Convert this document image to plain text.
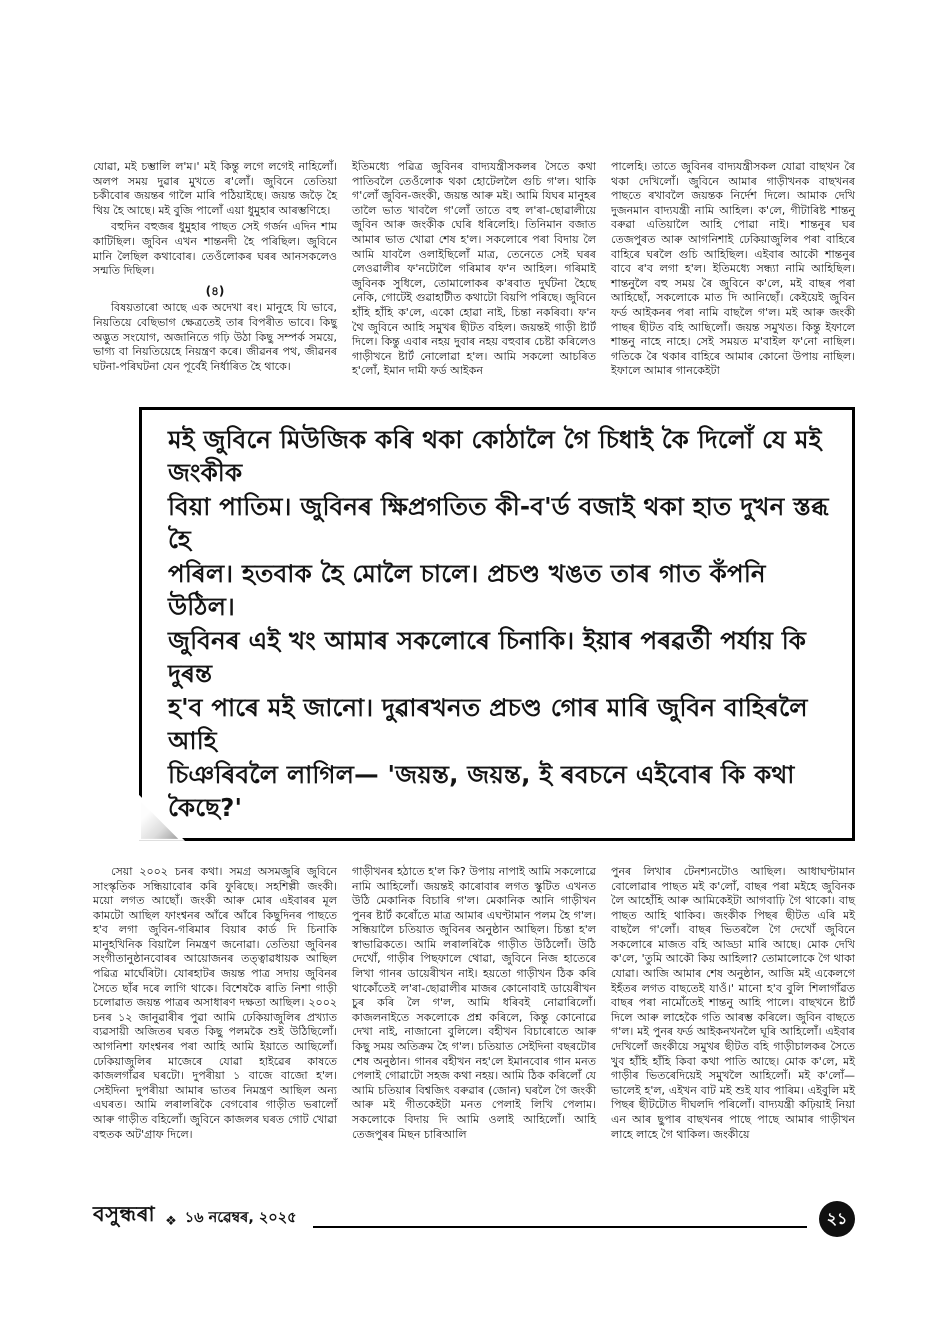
যোৱা, মই চম্ভালি ল'ম।' মই কিন্তু লগে লগেই নাহিলোঁ। অলপ সময় দুৱাৰ মুখতে ৰ'লোঁ। জুবিনে তেতিয়া চকীবোৰ জয়ন্তৰ গালৈ মাৰি পঠিয়াইছে। জয়ন্ত জড়ৈ হৈ থিয় হৈ আছে। মই বুজি পালোঁ এয়া ধুমুহাৰ আৰম্ভণিহে।

বহুদিন বহুজৰ ধুমুহাৰ পাছত সেই গৰ্জন এদিন শাম কাটিছিল। জুবিন এখন শান্তনদী হৈ পৰিছিল। জুবিনে মানি লৈছিল কথাবোৰ। তেওঁলোকৰ ঘৰৰ আনসকলেও সন্মতি দিছিল।

(৪)

বিষয়তাৰো আছে এক অদেখা ৰং। মানুহে যি ভাবে, নিয়তিয়ে বেছিভাগ ক্ষেত্ৰতেই তাৰ বিপৰীত ভাবে। কিছু অদ্ভুত সংযোগ, অজানিতে গঢ়ি উঠা কিছু সম্পৰ্ক সময়ে, ভাগ্য বা নিয়তিয়েহে নিয়ন্ত্ৰণ কৰে। জীৱনৰ পথ, জীৱনৰ ঘটনা-পৰিঘটনা যেন পূৰ্বেই নিৰ্ধাৰিত হৈ থাকে।

ইতিমধ্যে পৱিত্ৰ জুবিনৰ বাদ্যযন্ত্ৰীসকলৰ সৈতে কথা পাতিবলৈ তেওঁলোক থকা হোটেললৈ গুচি গ'ল। থাকি গ'লোঁ জুবিন-জংকী, জয়ন্ত আৰু মই। আমি যিঘৰ মানুহৰ তালৈ ভাত খাবলৈ গ'লোঁ তাতে বহু ল'ৰা-ছোৱালীয়ে জুবিন আৰু জংকীক ঘেৰি ধৰিলেহি। তিনিমান বজাত আমাৰ ভাত খোৱা শেষ হ'ল। সকলোৰে পৰা বিদায় লৈ আমি যাবলৈ ওলাইছিলোঁ মাত্ৰ, তেনেতে সেই ঘৰৰ লেওৱালীৰ ফ'নটোলৈ গৰিমাৰ ফ'ন আহিল। গৰিমাই জুবিনক সুধিলে, তোমালোকৰ ক'ৰবাত দুৰ্ঘটনা হৈছে নেকি, গোটেই গুৱাহাটীত কথাটো বিয়পি পৰিছে। জুবিনে হাঁহি হাঁহি ক'লে, একো হোৱা নাই, চিন্তা নকৰিবা। ফ'ন থৈ জুবিনে আহি সমুখৰ ছীটত বহিল। জয়ন্তই গাড়ী ষ্টাৰ্ট দিলে। কিন্তু এবাৰ নহয় দুবাৰ নহয় বহুবাৰ চেষ্টা কৰিলেও গাড়ীখনে ষ্টাৰ্ট নোলোৱা হ'ল। আমি সকলো আচৰিত হ'লোঁ, ইমান দামী ফৰ্ড আইকন

পালেহি। তাতে জুবিনৰ বাদ্যযন্ত্ৰীসকল যোৱা বাছখন ৰৈ থকা দেখিলোঁ। জুবিনে আমাৰ গাড়ীখনক বাছখনৰ পাছতে ৰখাবলৈ জয়ন্তক নিৰ্দেশ দিলে। আমাক দেখি দুজনমান বাদ্যযন্ত্ৰী নামি আহিল। ক'লে, গীটাৰিষ্ট শান্তনু বৰুৱা এতিয়ালৈ আহি পোৱা নাই। শান্তনুৰ ঘৰ তেজপুৰত আৰু আগনিশাই ঢেকিয়াজুলিৰ পৰা বাহিৰে বাহিৰে ঘৰলৈ গুচি আহিছিল। এইবাৰ আকৌ শান্তনুৰ বাবে ৰ'ব লগা হ'ল। ইতিমধ্যে সন্ধ্যা নামি আহিছিল। শান্তনুলৈ বহু সময় ৰৈ জুবিনে ক'লে, মই বাছৰ পৰা আহিছোঁ, সকলোকে মাত দি আনিছোঁ। কেইয়েই জুবিন ফৰ্ড আইকনৰ পৰা নামি বাছলৈ গ'ল। মই আৰু জংকী পাছৰ ছীটত বহি আছিলোঁ। জয়ন্ত সমুখত। কিন্তু ইফালে শান্তনু নাহে নাহে। সেই সময়ত ম'বাইল ফ'নো নাছিল। গতিকে ৰৈ থকাৰ বাহিৰে আমাৰ কোনো উপায় নাছিল। ইফালে আমাৰ গানকেইটা

মই জুবিনে মিউজিক কৰি থকা কোঠালৈ গৈ চিধাই কৈ দিলোঁ যে মই জংকীক
বিয়া পাতিম। জুবিনৰ ক্ষিপ্ৰগতিত কী-ব'ৰ্ড বজাই থকা হাত দুখন স্তব্ধ হৈ
পৰিল। হতবাক হৈ মোলৈ চালে। প্ৰচণ্ড খঙত তাৰ গাত কঁপনি উঠিল।
জুবিনৰ এই খং আমাৰ সকলোৰে চিনাকি। ইয়াৰ পৰৱৰ্তী পৰ্যায় কি দুৰন্ত
হ'ব পাৰে মই জানো। দুৱাৰখনত প্ৰচণ্ড গোৰ মাৰি জুবিন বাহিৰলৈ আহি
চিঞৰিবলৈ লাগিল— 'জয়ন্ত, জয়ন্ত, ই ৰবচনে এইবোৰ কি কথা কৈছে?'

সেয়া ২০০২ চনৰ কথা। সমগ্ৰ অসমজুৰি জুবিনে সাংস্কৃতিক সন্ধিয়াবোৰ কৰি ফুৰিছে। সহশিল্পী জংকী। ময়ো লগত আছোঁ। জংকী আৰু মোৰ এইবাৰৰ মূল কামটো আছিল ফাংশ্বনৰ আঁৰে আঁৰে কিছুদিনৰ পাছতে হ'ব লগা জুবিন-গৰিমাৰ বিয়াৰ কাৰ্ড দি চিনাকি মানুহখিনিক বিয়ালৈ নিমন্ত্ৰণ জনোৱা। তেতিয়া জুবিনৰ সংগীতানুষ্ঠানবোৰৰ আয়োজনৰ তত্ত্বাৱধায়ক আছিল পৱিত্ৰ মাৰ্ঘেৰিটা। যোৰহাটৰ জয়ন্ত পাত্ৰ সদায় জুবিনৰ সৈতে ছাঁৰ দৰে লাগি থাকে। বিশেষকৈ ৰাতি নিশা গাড়ী চলোৱাত জয়ন্ত পাত্ৰৰ অসাধাৰণ দক্ষতা আছিল। ২০০২ চনৰ ১২ জানুৱাৰীৰ পুৱা আমি ঢেকিয়াজুলিৰ প্ৰখ্যাত ব্যৱসায়ী অজিতৰ ঘৰত কিছু পলমকৈ শুই উঠিছিলোঁ। আগনিশা ফাংশ্বনৰ পৰা আহি আমি ইয়াতে আছিলোঁ। ঢেকিয়াজুলিৰ মাজেৰে যোৱা হাইৱেৰ কাষতে কাজলগাঁৱৰ ঘৰটো। দুপৰীয়া ১ বাজে বাজো হ'ল। সেইদিনা দুপৰীয়া আমাৰ ভাতৰ নিমন্ত্ৰণ আছিল অন্য এঘৰত। আমি লৰালৰিকৈ বেগবোৰ গাড়ীত ভৰালোঁ আৰু গাড়ীত বহিলোঁ। জুবিনে কাজলৰ ঘৰত গোট খোৱা বহুতক অট'গ্ৰাফ দিলে।

গাড়ীখনৰ হঠাতে হ'ল কি? উপায় নাপাই আমি সকলোৱে নামি আহিলোঁ। জয়ন্তই কাৰোবাৰ লগত স্কুটিত এখনত উঠি মেকানিক বিচাৰি গ'ল। মেকানিক আনি গাড়ীখন পুনৰ ষ্টাৰ্ট কৰোঁতে মাত্ৰ আমাৰ এঘণ্টামান পলম হৈ গ'ল। সন্ধিয়ালৈ চতিয়াত জুবিনৰ অনুষ্ঠান আছিল। চিন্তা হ'ল স্বাভাৱিকতে। আমি লৰালৰিকৈ গাড়ীত উঠিলোঁ। উঠি দেখোঁ, গাড়ীৰ পিছফালে থোৱা, জুবিনে নিজ হাতেৰে লিখা গানৰ ডায়েৰীখন নাই। হয়তো গাড়ীখন ঠিক কৰি থাকোঁতেই ল'ৰা-ছোৱালীৰ মাজৰ কোনোবাই ডায়েৰীখন চুৰ কৰি লৈ গ'ল, আমি ধৰিবই নোৱাৰিলোঁ। কাজলনাইতে সকলোকে প্ৰশ্ন কৰিলে, কিন্তু কোনোৱে দেখা নাই, নাজানো বুলিলে। বহীখন বিচাৰোতে আৰু কিছু সময় অতিক্ৰম হৈ গ'ল। চতিয়াত সেইদিনা বছৰটোৰ শেষ অনুষ্ঠান। গানৰ বহীখন নহ'লে ইমানবোৰ গান মনত পেলাই গোৱাটো সহজ কথা নহয়। আমি ঠিক কৰিলোঁ যে আমি চতিয়াৰ বিশ্বজিৎ বৰুৱাৰ (জোন) ঘৰলৈ গৈ জংকী আৰু মই গীতকেইটা মনত পেলাই লিখি পেলাম। সকলোকে বিদায় দি আমি ওলাই আহিলোঁ। আহি তেজপুৰৰ মিছন চাৰিআলি

পুনৰ লিখাৰ টেনশ্যনটোও আছিল। আধাঘণ্টামান বোলোৱাৰ পাছত মই ক'লোঁ, বাছৰ পৰা মইহে জুবিনক লৈ আহোঁহি আৰু আমিকেইটা আগবাঢ়ি গৈ থাকো। বাছ পাছত আহি থাকিব। জংকীক পিছৰ ছীটত এৰি মই বাছলৈ গ'লোঁ। বাছৰ ভিতৰলৈ গৈ দেখোঁ জুবিনে সকলোৰে মাজত বহি আড্ডা মাৰি আছে। মোক দেখি ক'লে, 'তুমি আকৌ কিয় আহিলা? তোমালোকে গৈ থাকা যোৱা। আজি আমাৰ শেষ অনুষ্ঠান, আজি মই একেলগে ইহঁতৰ লগত বাছতেই যাওঁ।' মানো হ'ব বুলি শিলাগাঁৱত বাছৰ পৰা নামোঁতেই শান্তনু আহি পালে। বাছখনে ষ্টাৰ্ট দিলে আৰু লাহেকৈ গতি আৰম্ভ কৰিলে। জুবিন বাছতে গ'ল। মই পুনৰ ফৰ্ড আইকনখনলৈ ঘূৰি আহিলোঁ। এইবাৰ দেখিলোঁ জংকীয়ে সমুখৰ ছীটত বহি গাড়ীচালকৰ সৈতে খুব হাঁহি হাঁহি কিবা কথা পাতি আছে। মোক ক'লে, মই গাড়ীৰ ভিতৰেদিয়েই সমুখলৈ আহিলোঁ। মই ক'লোঁ— ভালেই হ'ল, এইখন বাট মই শুই যাব পাৰিম। এইবুলি মই পিছৰ ছীটটোত দীঘলদি পৰিলোঁ। বাদ্যযন্ত্ৰী কঢ়িয়াই নিয়া এন আৰ ছুপাৰ বাছখনৰ পাছে পাছে আমাৰ গাড়ীখন লাহে লাহে গৈ থাকিল। জংকীয়ে

বসুন্ধৰা ❖ ১৬ নৱেম্বৰ, ২০২৫	২১
